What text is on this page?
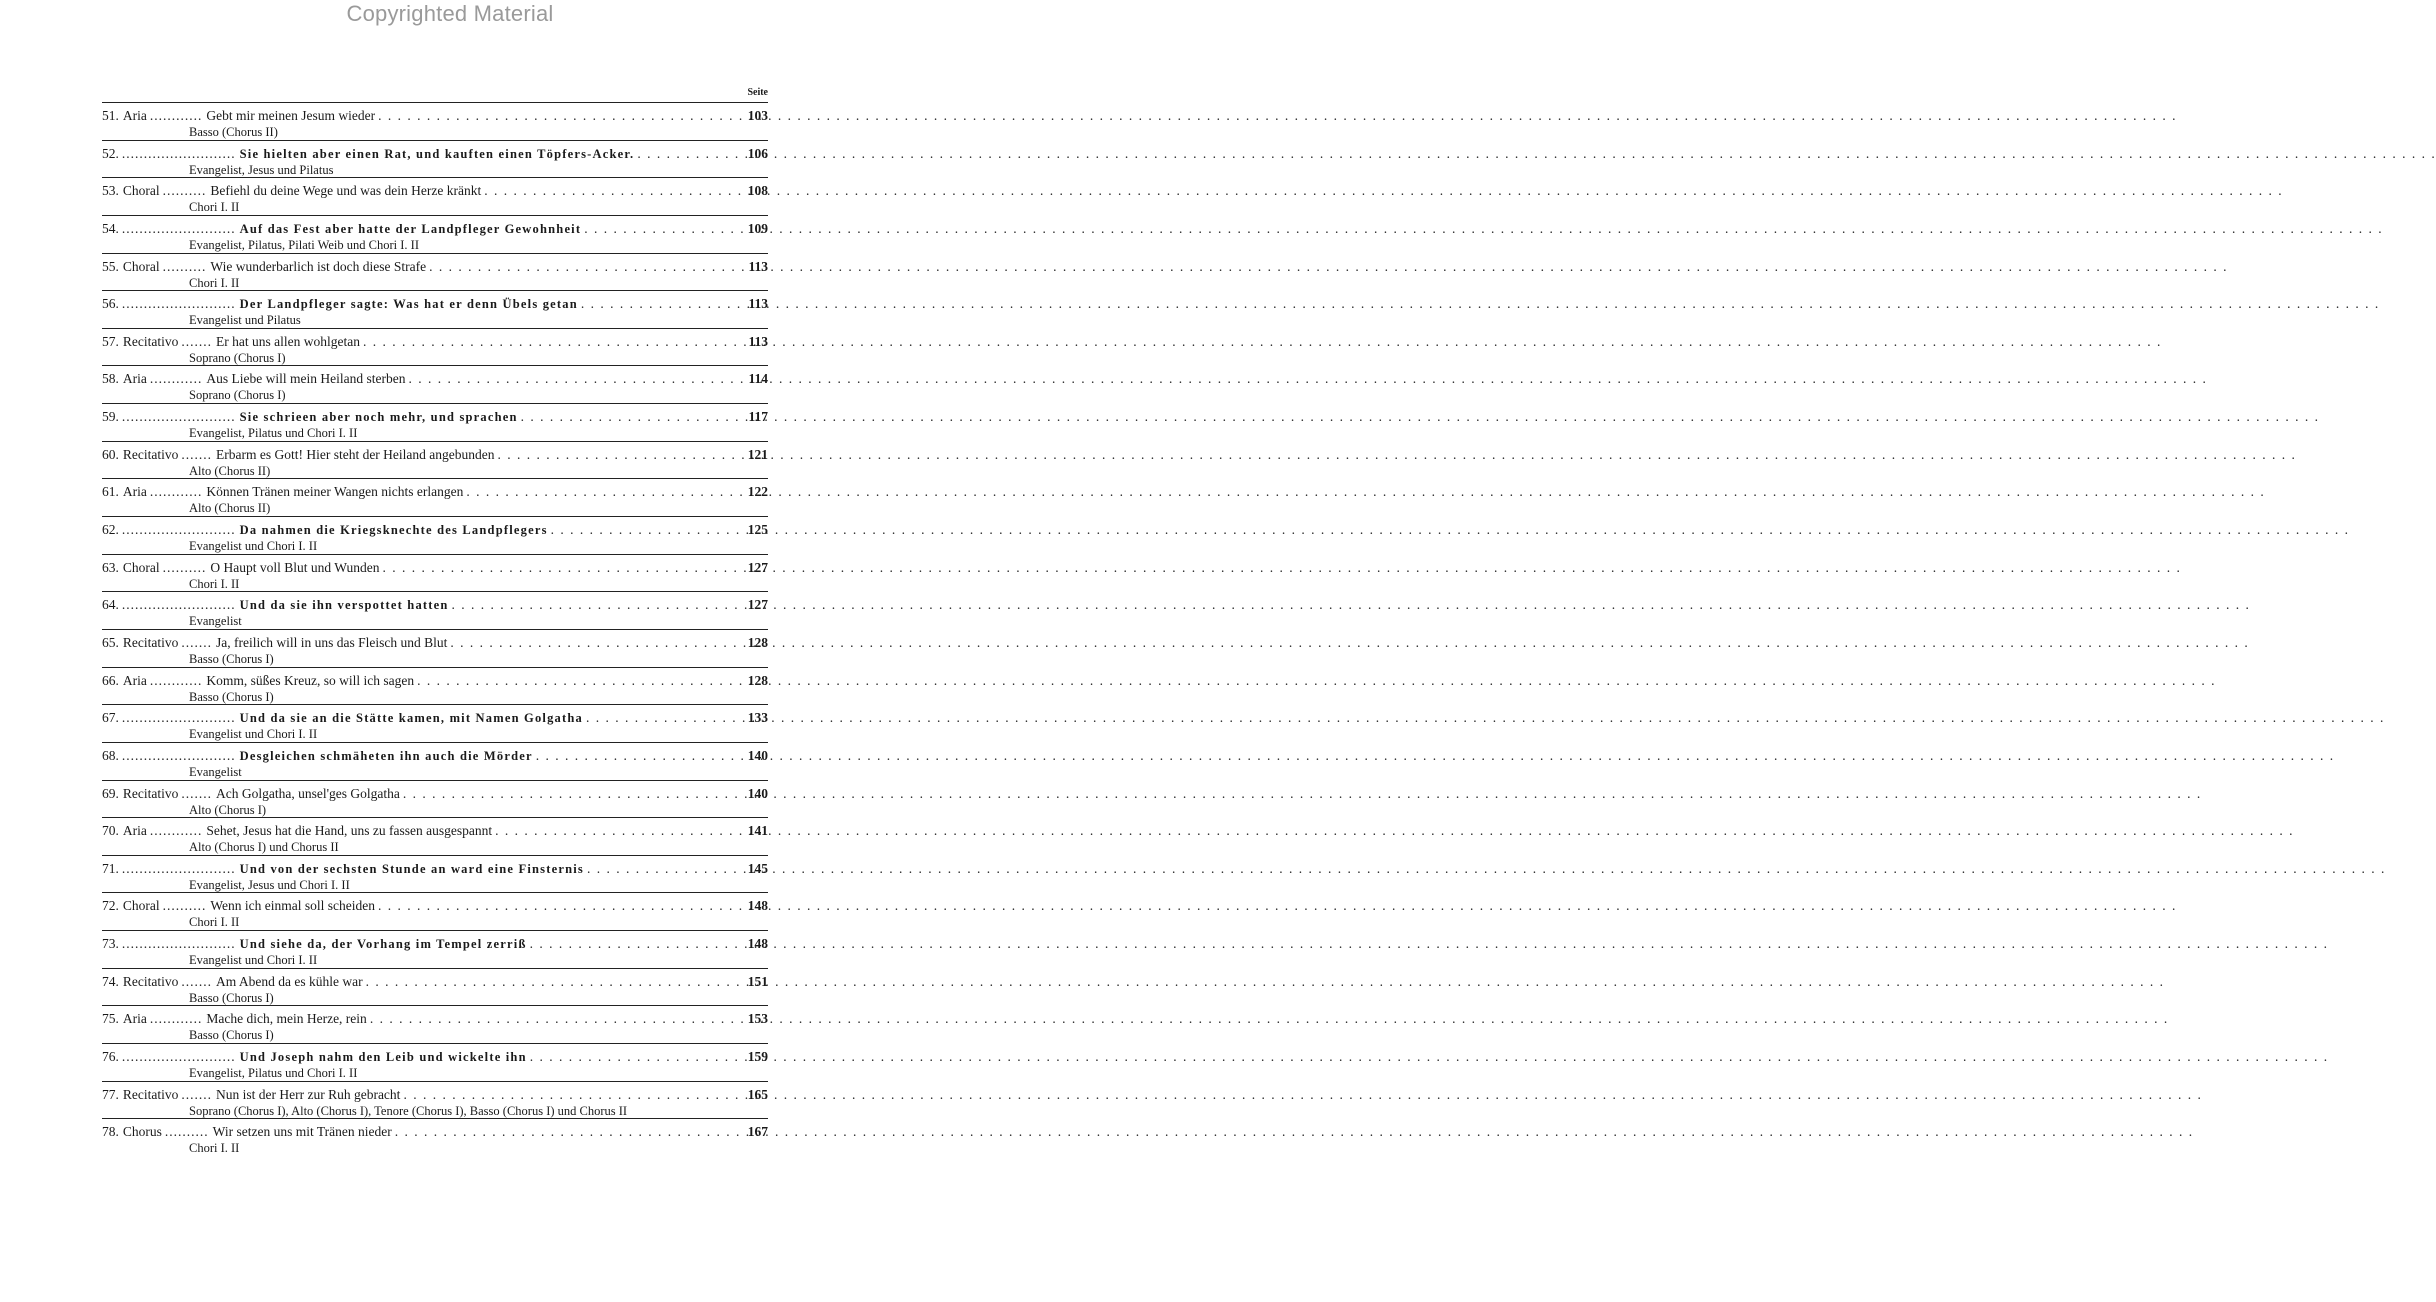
Copyrighted Material
Seite
51. Aria ............ Gebt mir meinen Jesum wieder . . .	103
Basso (Chorus II)
52. .......................... Sie hielten aber einen Rat, und kauften einen Töpfers-Acker. . . .	106
Evangelist, Jesus und Pilatus
53. Choral .......... Befiehl du deine Wege und was dein Herze kränkt . . .	108
Chori I. II
54. .......................... Auf das Fest aber hatte der Landpfleger Gewohnheit . . .	109
Evangelist, Pilatus, Pilati Weib und Chori I. II
55. Choral .......... Wie wunderbarlich ist doch diese Strafe . . .	113
Chori I. II
56. .......................... Der Landpfleger sagte: Was hat er denn Übels getan . . .	113
Evangelist und Pilatus
57. Recitativo ....... Er hat uns allen wohlgetan . . .	113
Soprano (Chorus I)
58. Aria ............ Aus Liebe will mein Heiland sterben . . .	114
Soprano (Chorus I)
59. .......................... Sie schrieen aber noch mehr, und sprachen . . .	117
Evangelist, Pilatus und Chori I. II
60. Recitativo ....... Erbarm es Gott! Hier steht der Heiland angebunden . . .	121
Alto (Chorus II)
61. Aria ............ Können Tränen meiner Wangen nichts erlangen . . .	122
Alto (Chorus II)
62. .......................... Da nahmen die Kriegsknechte des Landpflegers . . .	125
Evangelist und Chori I. II
63. Choral .......... O Haupt voll Blut und Wunden . . .	127
Chori I. II
64. .......................... Und da sie ihn verspottet hatten . . .	127
Evangelist
65. Recitativo ....... Ja, freilich will in uns das Fleisch und Blut . . .	128
Basso (Chorus I)
66. Aria ............ Komm, süßes Kreuz, so will ich sagen . . .	128
Basso (Chorus I)
67. .......................... Und da sie an die Stätte kamen, mit Namen Golgatha . . .	133
Evangelist und Chori I. II
68. .......................... Desgleichen schmäheten ihn auch die Mörder . . .	140
Evangelist
69. Recitativo ....... Ach Golgatha, unsel'ges Golgatha . . .	140
Alto (Chorus I)
70. Aria ............ Sehet, Jesus hat die Hand, uns zu fassen ausgespannt . . .	141
Alto (Chorus I) und Chorus II
71. .......................... Und von der sechsten Stunde an ward eine Finsternis . . .	145
Evangelist, Jesus und Chori I. II
72. Choral .......... Wenn ich einmal soll scheiden . . .	148
Chori I. II
73. .......................... Und siehe da, der Vorhang im Tempel zerriß . . .	148
Evangelist und Chori I. II
74. Recitativo ....... Am Abend da es kühle war . . .	151
Basso (Chorus I)
75. Aria ............ Mache dich, mein Herze, rein . . .	153
Basso (Chorus I)
76. .......................... Und Joseph nahm den Leib und wickelte ihn . . .	159
Evangelist, Pilatus und Chori I. II
77. Recitativo ....... Nun ist der Herr zur Ruh gebracht . . .	165
Soprano (Chorus I), Alto (Chorus I), Tenore (Chorus I), Basso (Chorus I) und Chorus II
78. Chorus .......... Wir setzen uns mit Tränen nieder . . .	167
Chori I. II
